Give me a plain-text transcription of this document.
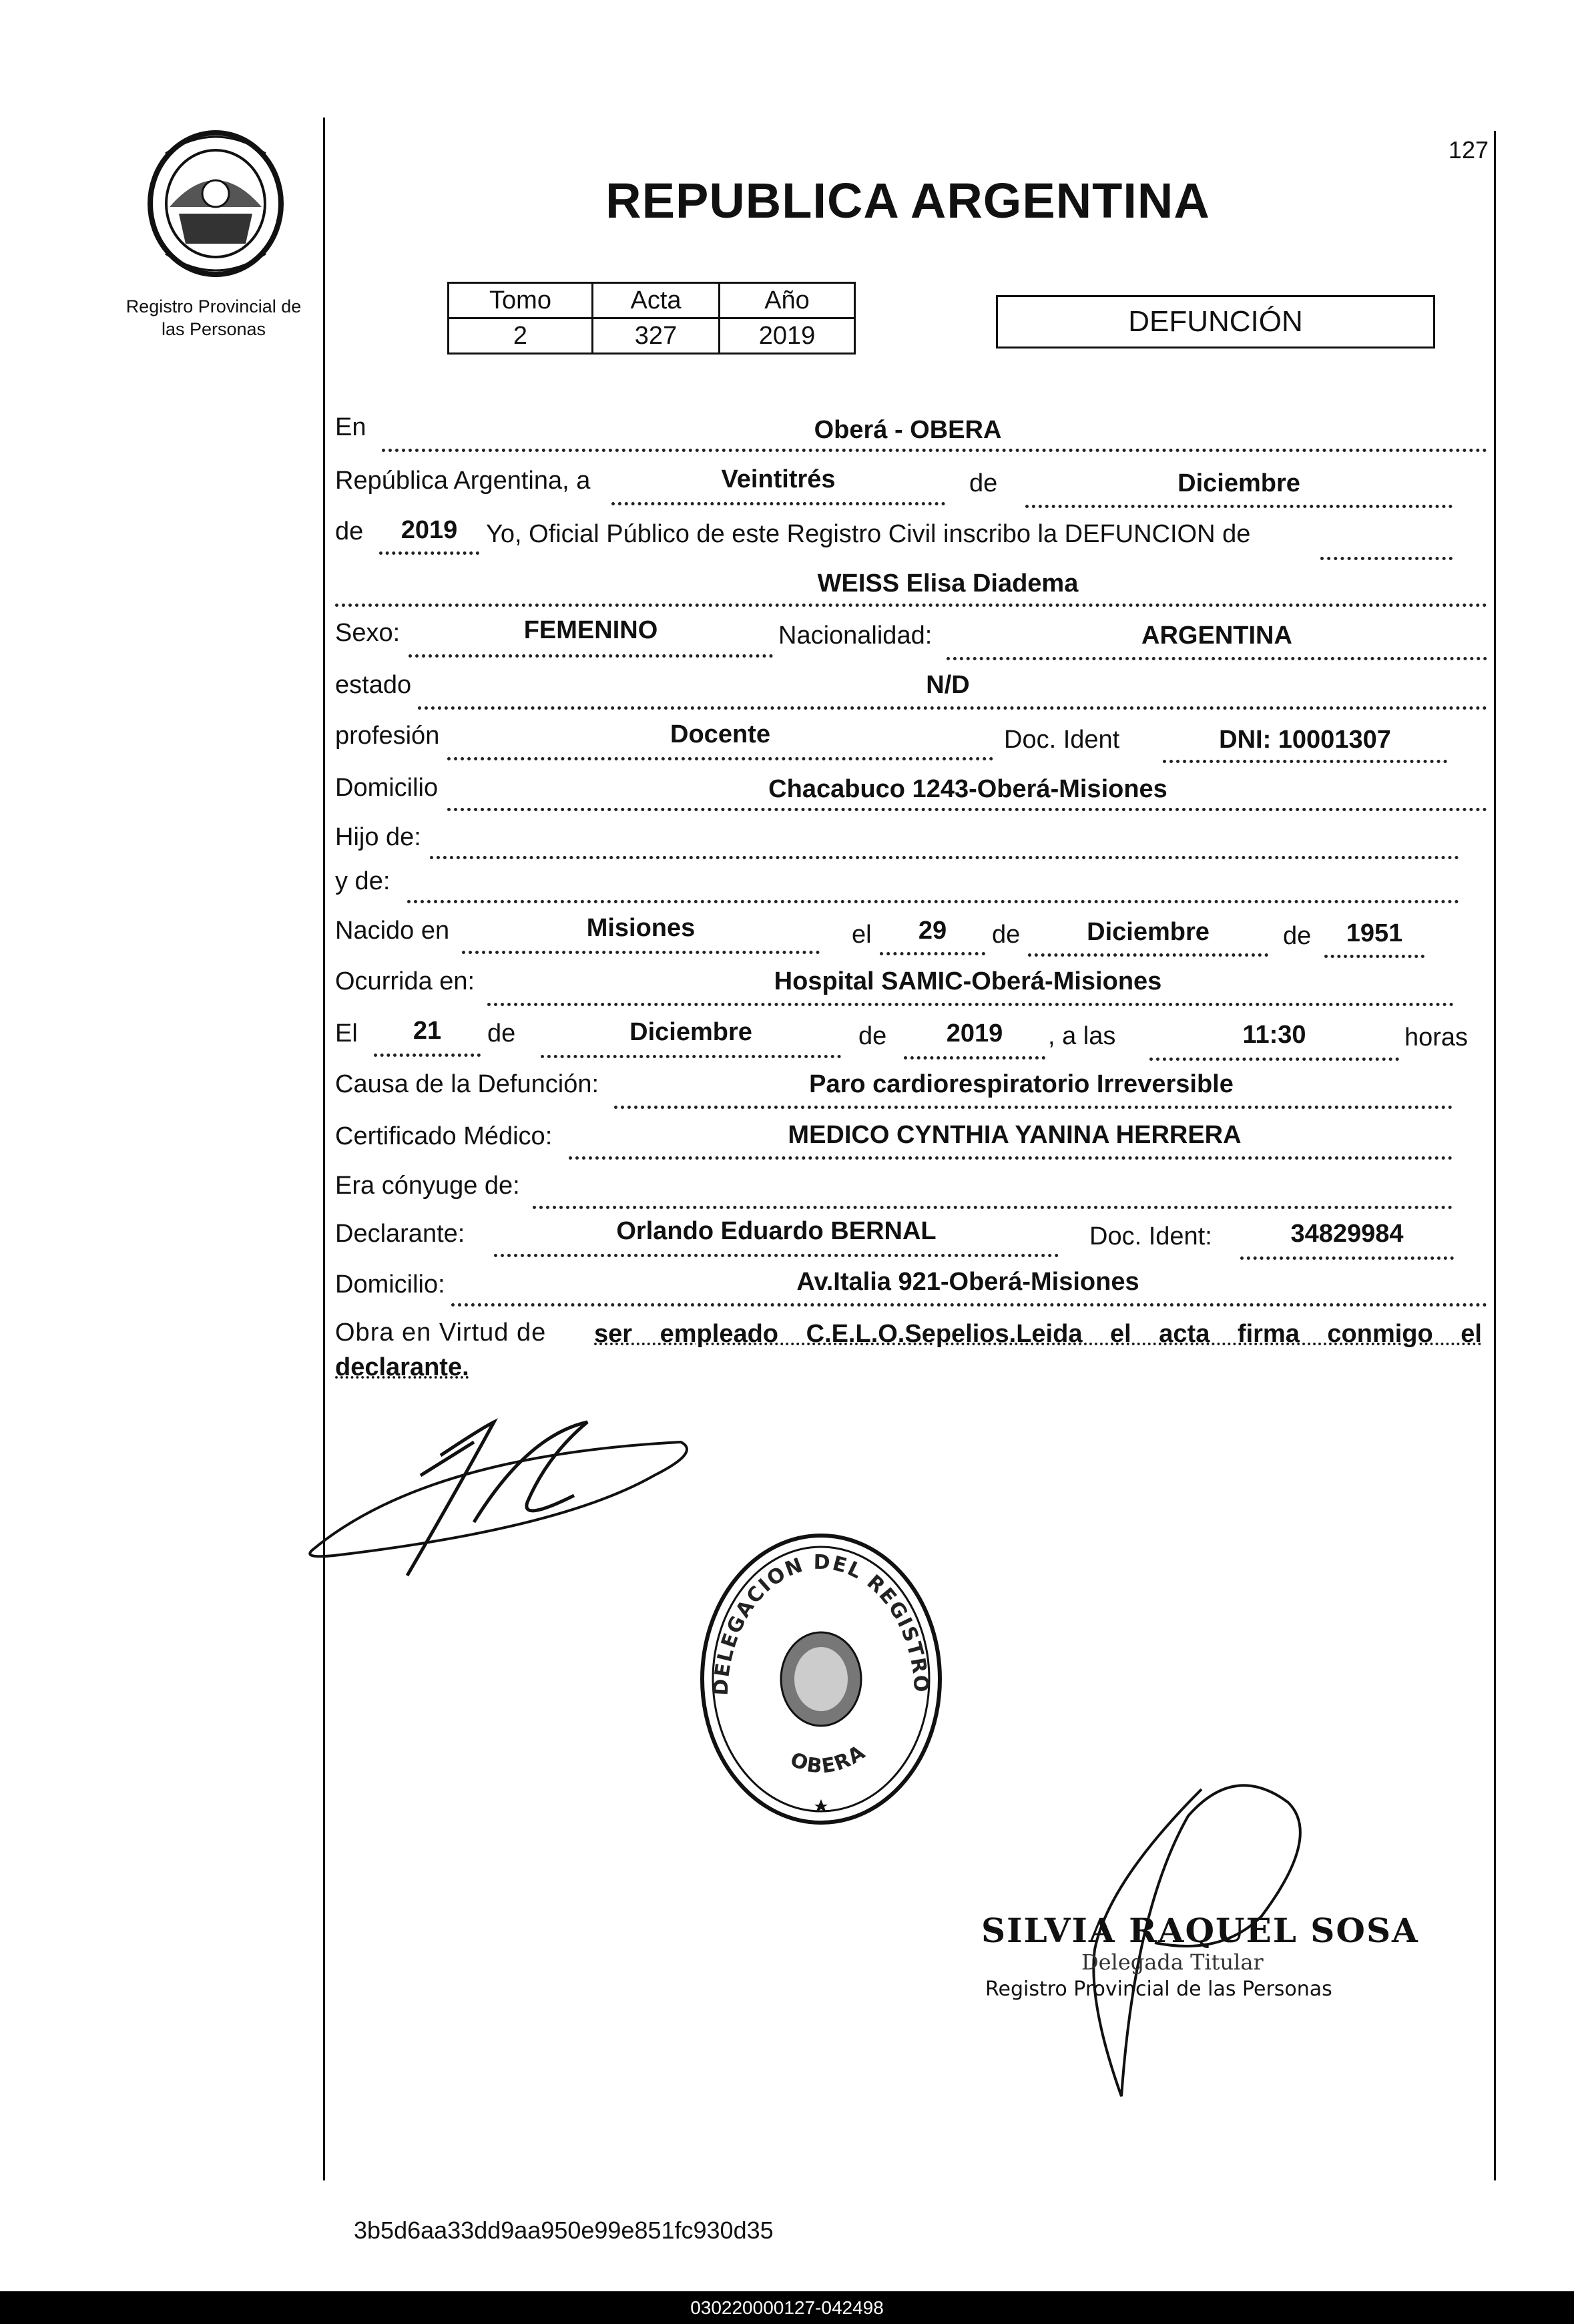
Registro Provincial de
las Personas
127
REPUBLICA ARGENTINA
Tomo	Acta	Año
2	327	2019	DEFUNCIÓN
En	Oberá - OBERA
República Argentina, a	Veintitrés	de	Diciembre
de	2019	Yo, Oficial Público de este Registro Civil inscribo la DEFUNCION de
WEISS Elisa Diadema
Sexo:	FEMENINO	Nacionalidad:	ARGENTINA
estado	N/D
profesión	Docente	Doc. Ident	DNI: 10001307
Domicilio	Chacabuco 1243-Oberá-Misiones
Hijo de:
y de:
Nacido en	Misiones	el	29	de	Diciembre	de	1951
Ocurrida en:	Hospital SAMIC-Oberá-Misiones
El	21	de	Diciembre	de	2019	, a las	11:30	horas
Causa de la Defunción:	Paro cardiorespiratorio Irreversible
Certificado Médico:	MEDICO CYNTHIA YANINA HERRERA
Era cónyuge de:
Declarante:	Orlando Eduardo BERNAL	Doc. Ident:	34829984
Domicilio:	Av.Italia 921-Oberá-Misiones
Obra en Virtud de ser empleado C.E.L.O.Sepelios.Leida el acta firma conmigo el
declarante.
DELEGACION DEL REGISTRO
OBERA
SILVIA RAQUEL SOSA
Delegada Titular
Registro Provincial de las Personas
3b5d6aa33dd9aa950e99e851fc930d35
030220000127-042498
